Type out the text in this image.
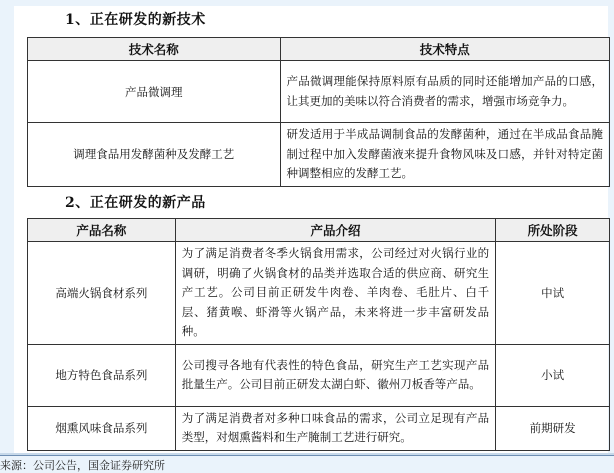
1、正在研发的新技术
技术名称	技术特点
产品微调理	产品微调理能保持原料原有品质的同时还能增加产品的口感，让其更加的美味以符合消费者的需求，增强市场竞争力。
调理食品用发酵菌种及发酵工艺	研发适用于半成品调制食品的发酵菌种，通过在半成品食品腌制过程中加入发酵菌液来提升食物风味及口感，并针对特定菌种调整相应的发酵工艺。
2、正在研发的新产品
产品名称	产品介绍	所处阶段
高端火锅食材系列	为了满足消费者冬季火锅食用需求，公司经过对火锅行业的调研，明确了火锅食材的品类并选取合适的供应商、研究生产工艺。公司目前正研发牛肉卷、羊肉卷、毛肚片、白千层、猪黄喉、虾滑等火锅产品，未来将进一步丰富研发品种。	中试
地方特色食品系列	公司搜寻各地有代表性的特色食品，研究生产工艺实现产品批量生产。公司目前正研发太湖白虾、徽州刀板香等产品。	小试
烟熏风味食品系列	为了满足消费者对多种口味食品的需求，公司立足现有产品类型，对烟熏酱料和生产腌制工艺进行研究。	前期研发
来源：公司公告，国金证券研究所
